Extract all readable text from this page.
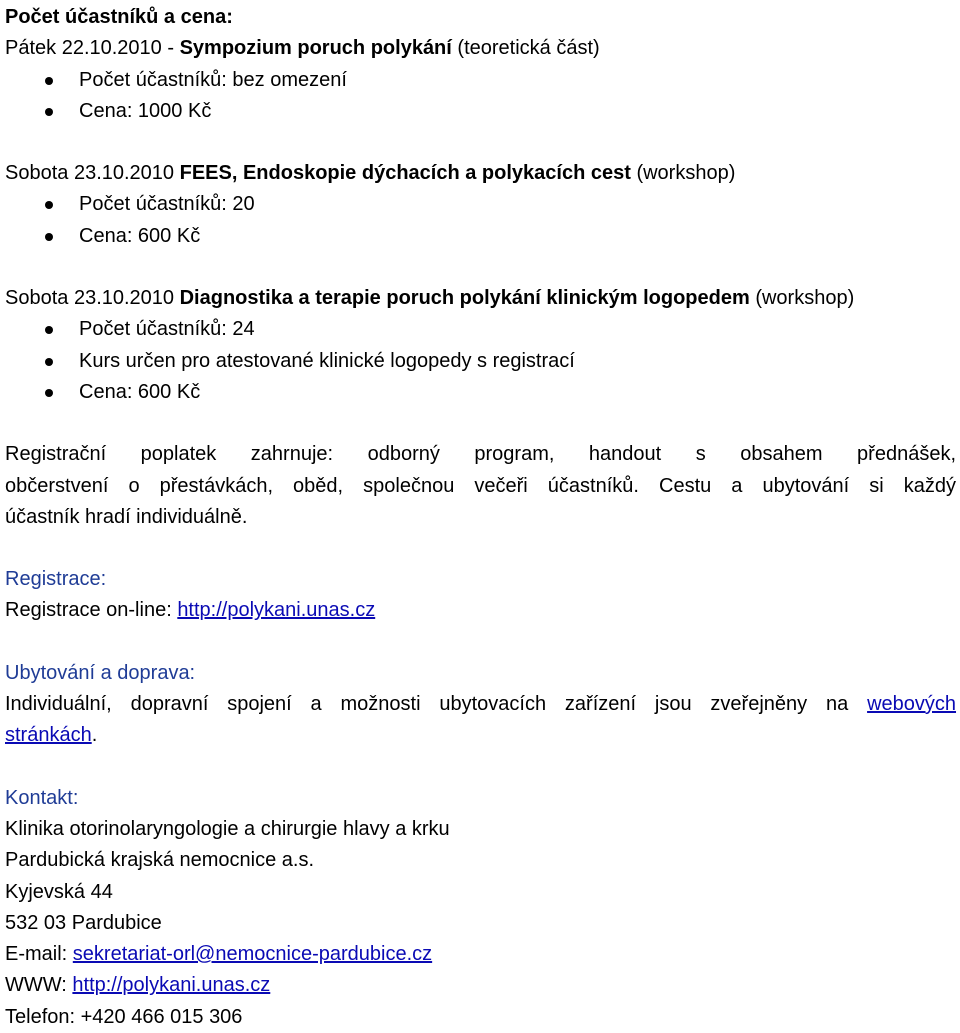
Počet účastníků a cena:
Pátek 22.10.2010 - Sympozium poruch polykání (teoretická část)
Počet účastníků: bez omezení
Cena: 1000 Kč
Sobota 23.10.2010 FEES, Endoskopie dýchacích a polykacích cest (workshop)
Počet účastníků: 20
Cena: 600 Kč
Sobota 23.10.2010 Diagnostika a terapie poruch polykání klinickým logopedem (workshop)
Počet účastníků: 24
Kurs určen pro atestované klinické logopedy s registrací
Cena: 600 Kč
Registrační poplatek zahrnuje: odborný program, handout s obsahem přednášek,
občerstvení o přestávkách, oběd, společnou večeři účastníků. Cestu a ubytování si každý
účastník hradí individuálně.
Registrace:
Registrace on-line: http://polykani.unas.cz
Ubytování a doprava:
Individuální, dopravní spojení a možnosti ubytovacích zařízení jsou zveřejněny na webových
stránkách.
Kontakt:
Klinika otorinolaryngologie a chirurgie hlavy a krku
Pardubická krajská nemocnice a.s.
Kyjevská 44
532 03 Pardubice
E-mail: sekretariat-orl@nemocnice-pardubice.cz
WWW: http://polykani.unas.cz
Telefon: +420 466 015 306
